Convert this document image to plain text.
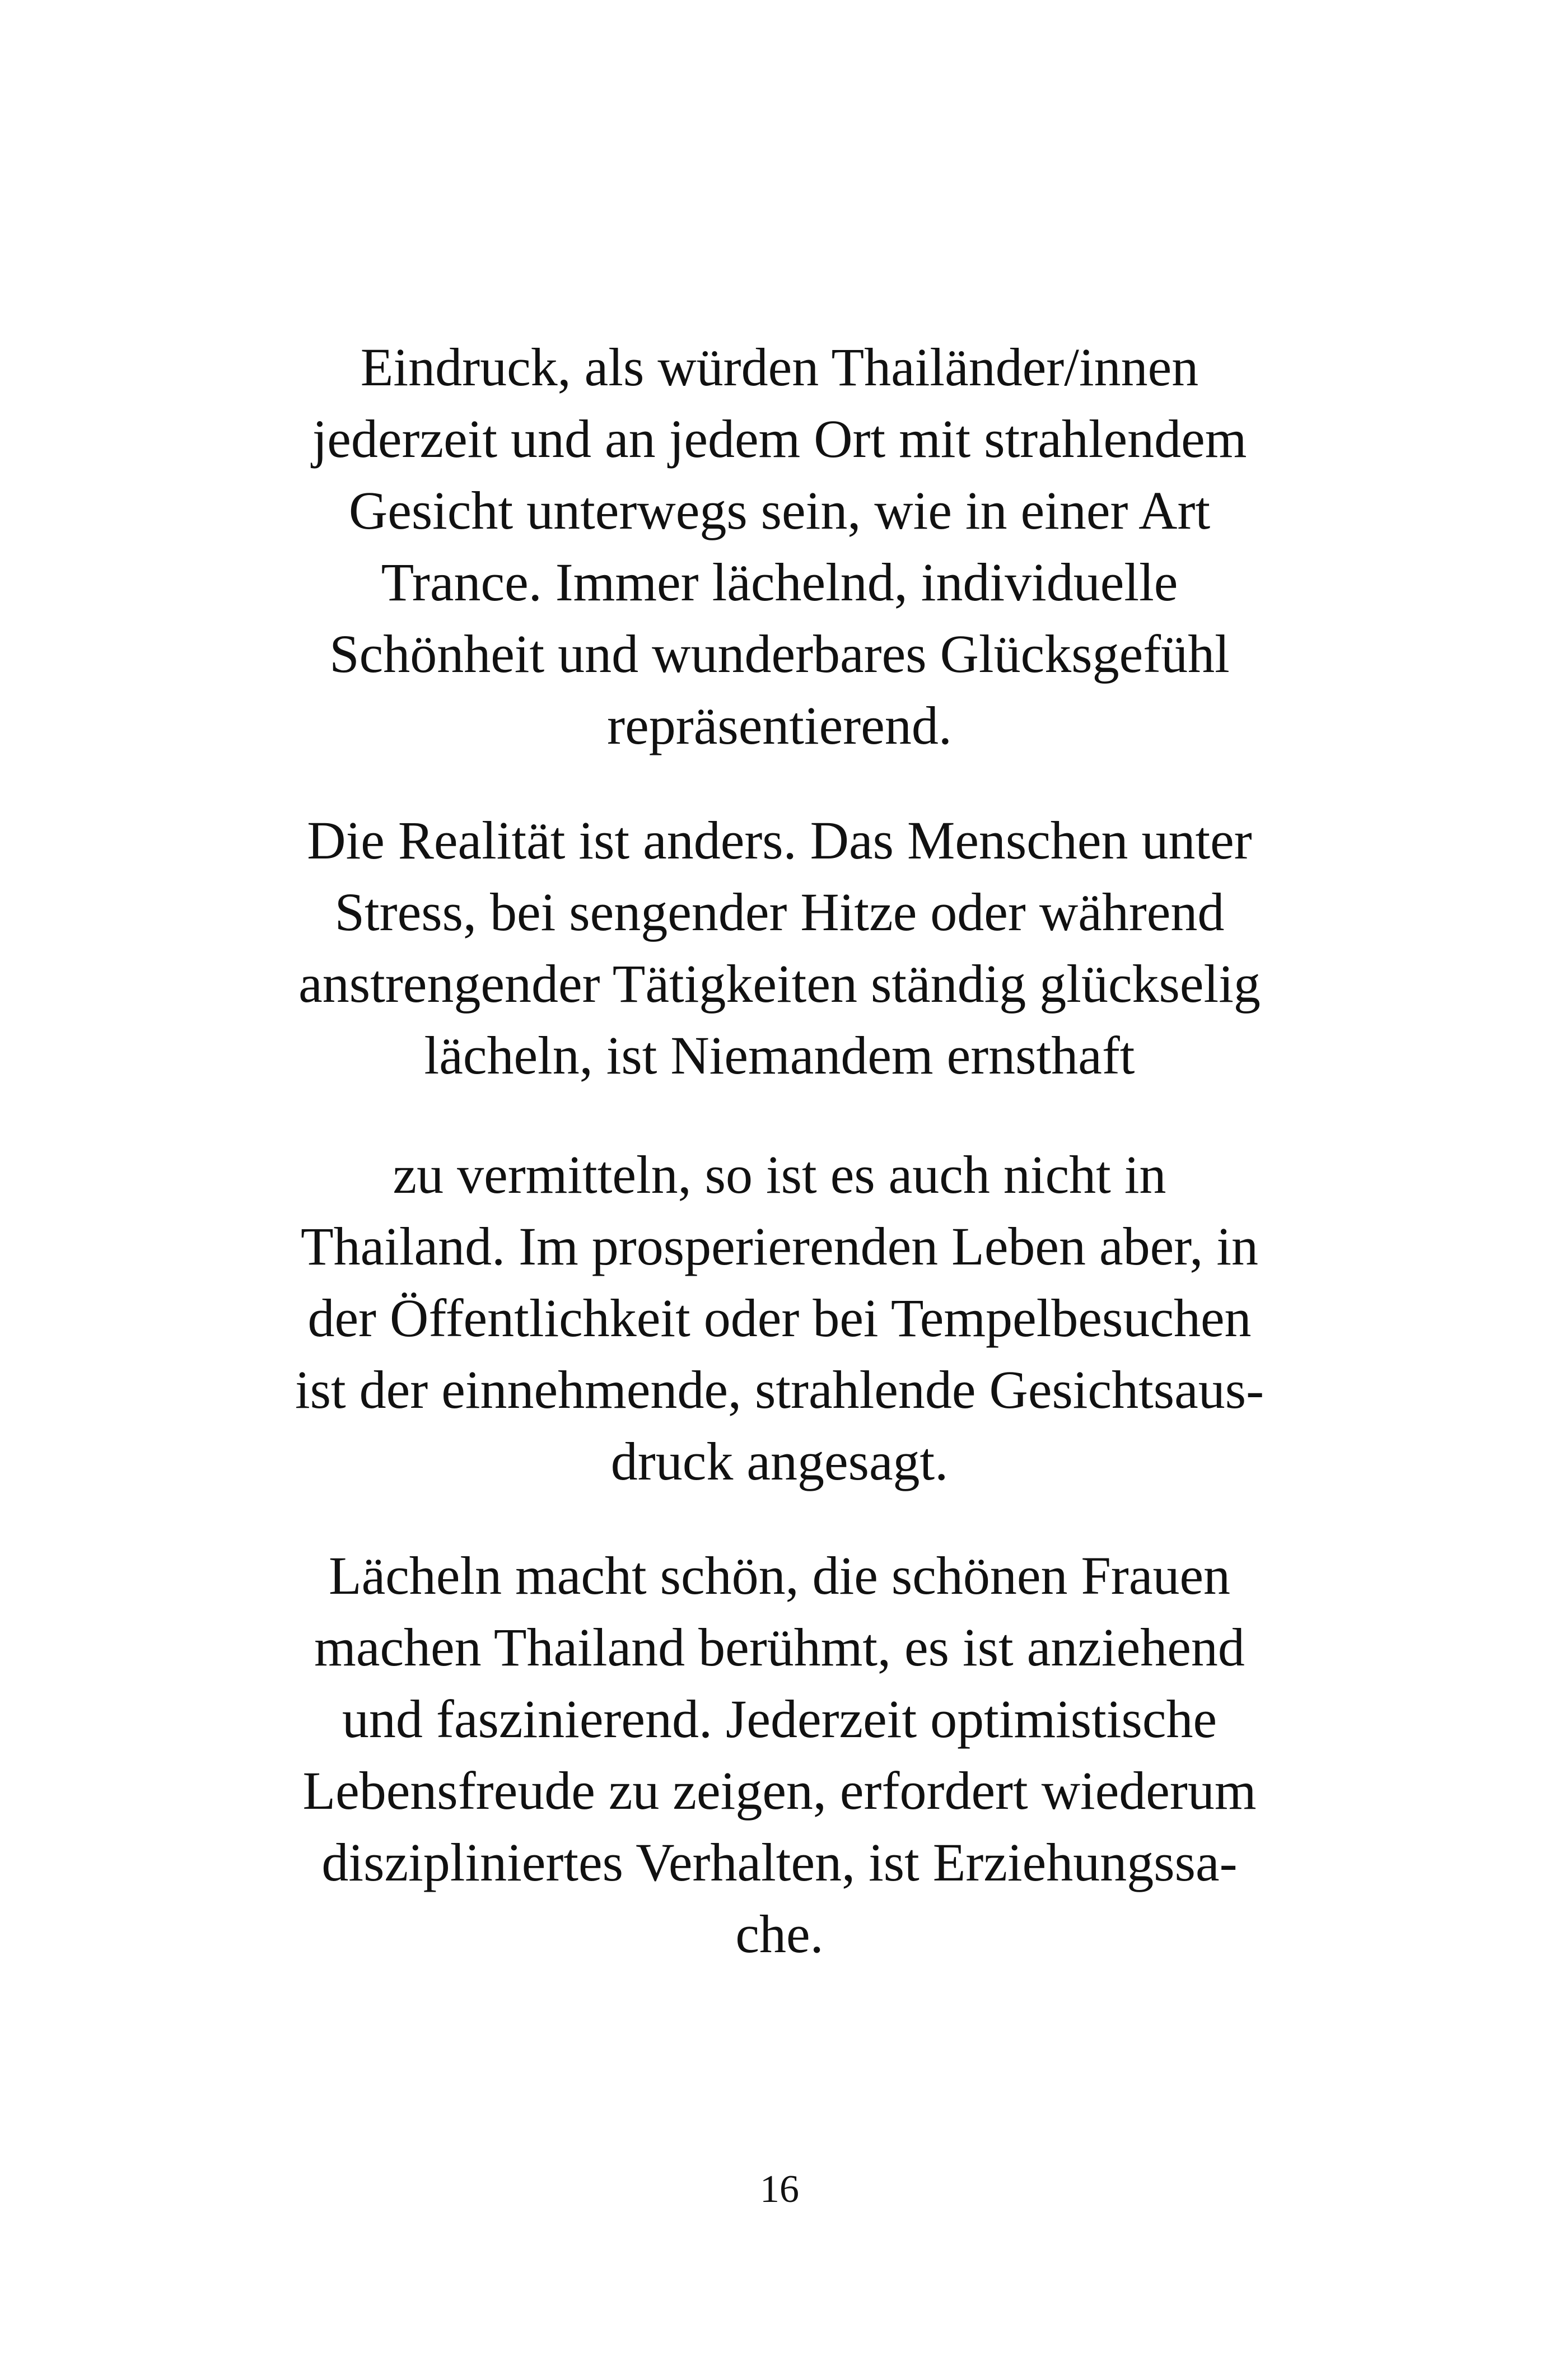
Eindruck, als würden Thailänder/innen
jederzeit und an jedem Ort mit strahlendem
Gesicht unterwegs sein, wie in einer Art
Trance. Immer lächelnd, individuelle
Schönheit und wunderbares Glücksgefühl
repräsentierend.
Die Realität ist anders. Das Menschen unter
Stress, bei sengender Hitze oder während
anstrengender Tätigkeiten ständig glückselig
lächeln, ist Niemandem ernsthaft
zu vermitteln, so ist es auch nicht in
Thailand. Im prosperierenden Leben aber, in
der Öffentlichkeit oder bei Tempelbesuchen
ist der einnehmende, strahlende Gesichtsaus-
druck angesagt.
Lächeln macht schön, die schönen Frauen
machen Thailand berühmt, es ist anziehend
und faszinierend. Jederzeit optimistische
Lebensfreude zu zeigen, erfordert wiederum
diszipliniertes Verhalten, ist Erziehungssa-
che.
16
